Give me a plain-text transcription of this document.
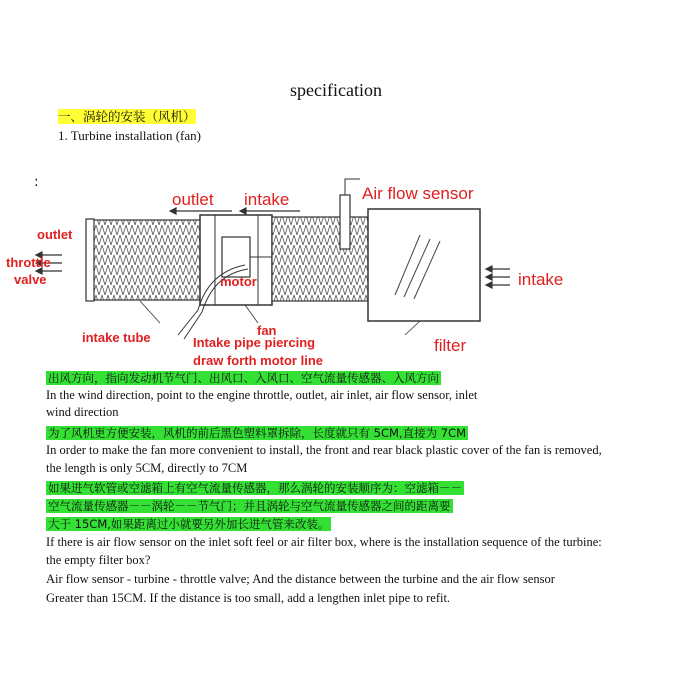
specification
一、涡轮的安装（风机）
1. Turbine installation (fan)
:
outlet intake	Air flow sensor
outlet
throttle
valve	motor	intake
fan
intake tube	Intake pipe piercing
draw forth motor line
filter
出风方向，指向发动机节气门、出风口、入风口、空气流量传感器、入风方向
In the wind direction, point to the engine throttle, outlet, air inlet, air flow sensor, inlet
wind direction
为了风机更方便安装，风机的前后黑色塑料罩拆除，长度就只有 5CM,直接为 7CM
In order to make the fan more convenient to install, the front and rear black plastic cover of the fan is removed,
the length is only 5CM, directly to 7CM
如果进气软管或空滤箱上有空气流量传感器，那么涡轮的安装顺序为：空滤箱－－
空气流量传感器－－涡轮－－节气门；并且涡轮与空气流量传感器之间的距离要
大于 15CM,如果距离过小就要另外加长进气管来改装。
If there is air flow sensor on the inlet soft feel or air filter box, where is the installation sequence of the turbine:
the empty filter box?
Air flow sensor - turbine - throttle valve; And the distance between the turbine and the air flow sensor
Greater than 15CM. If the distance is too small, add a lengthen inlet pipe to refit.
